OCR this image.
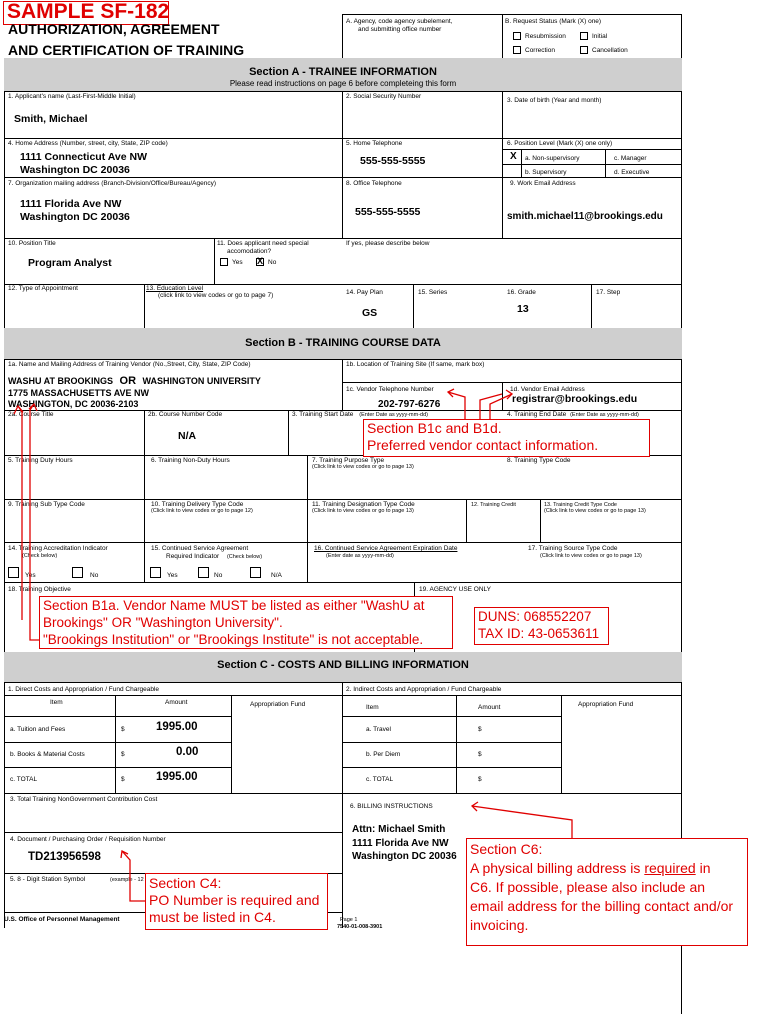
SAMPLE SF-182
AUTHORIZATION, AGREEMENT
AND CERTIFICATION OF TRAINING
A. Agency, code agency subelement,
and submitting office number
B. Request Status (Mark (X) one)
Resubmission	Initial
Correction	Cancellation
Section A - TRAINEE INFORMATION
Please read instructions on page 6 before completeing this form
1. Applicant's name (Last-First-Middle Initial)
Smith, Michael
2. Social Security Number
3. Date of birth (Year and month)
4. Home Address (Number, street, city, State, ZIP code)
1111 Connecticut Ave NW
Washington DC 20036
5. Home Telephone
555-555-5555
6. Position Level (Mark (X) one only)
X a. Non-supervisory	c. Manager
b. Supervisory	d. Executive
7. Organization mailing address (Branch-Division/Office/Bureau/Agency)
1111 Florida Ave NW
Washington DC 20036
8. Office Telephone
555-555-5555
9. Work Email Address
smith.michael11@brookings.edu
10. Position Title
Program Analyst
11. Does applicant need special
accomodation?
Yes X No
If yes, please describe below
12. Type of Appointment	13. Education Level
(click link to view codes or go to page 7)	14. Pay Plan
GS
15. Series	16. Grade
13
17. Step
Section B - TRAINING COURSE DATA
1a. Name and Mailing Address of Training Vendor (No.,Street, City, State, ZIP Code)
WASHU AT BROOKINGS OR WASHINGTON UNIVERSITY
1775 MASSACHUSETTS AVE NW
WASHINGTON, DC 20036-2103
1b. Location of Training Site (If same, mark box)
1c. Vendor Telephone Number
202-797-6276
1d. Vendor Email Address
registrar@brookings.edu
2a. Course Title	2b. Course Number Code
N/A
3. Training Start Date (Enter Date as yyyy-mm-dd)	4. Training End Date (Enter Date as yyyy-mm-dd)
5. Training Duty Hours	6. Training Non-Duty Hours	7. Training Purpose Type
(Click link to view codes or go to page 13)
8. Training Type Code
9. Training Sub Type Code	10. Training Delivery Type Code
(Click link to view codes or go to page 12)
11. Training Designation Type Code
(Click link to view codes or go to page 13)
12. Training Credit	13. Training Credit Type Code
(Click link to view codes or go to page 13)
14. Training Accreditation Indicator
(Check below)
15. Continued Service Agreement
Required Indicator (Check below)
16. Continued Service Agreement Expiration Date
(Enter date as yyyy-mm-dd)
17. Training Source Type Code
(Click link to view codes or go to page 13)
Yes	No	Yes	No	N/A
18. Training Objective	19. AGENCY USE ONLY
Section C - COSTS AND BILLING INFORMATION
1. Direct Costs and Appropriation / Fund Chargeable	2. Indirect Costs and Appropriation / Fund Chargeable
Item	Amount	Appropriation Fund	Item	Amount	Appropriation Fund
a. Tuition and Fees	$	1995.00
b. Books & Material Costs	$	0.00
c. TOTAL	$	1995.00
a. Travel	$
b. Per Diem	$
c. TOTAL	$
3. Total Training NonGovernment Contribution Cost
6. BILLING INSTRUCTIONS
4. Document / Purchasing Order / Requisition Number
TD213956598
5. 8 - Digit Station Symbol	(example - 12
Attn: Michael Smith
1111 Florida Ave NW
Washington DC 20036
U.S. Office of Personnel Management	Page 1
7540-01-008-3901
Section B1c and B1d.
Preferred vendor contact information.
Section B1a. Vendor Name MUST be listed as either "WashU at
Brookings" OR "Washington University".
"Brookings Institution" or "Brookings Institute" is not acceptable.
DUNS: 068552207
TAX ID: 43-0653611
Section C4:
PO Number is required and
must be listed in C4.
Section C6:
A physical billing address is required in
C6. If possible, please also include an
email address for the billing contact and/or
invoicing.
